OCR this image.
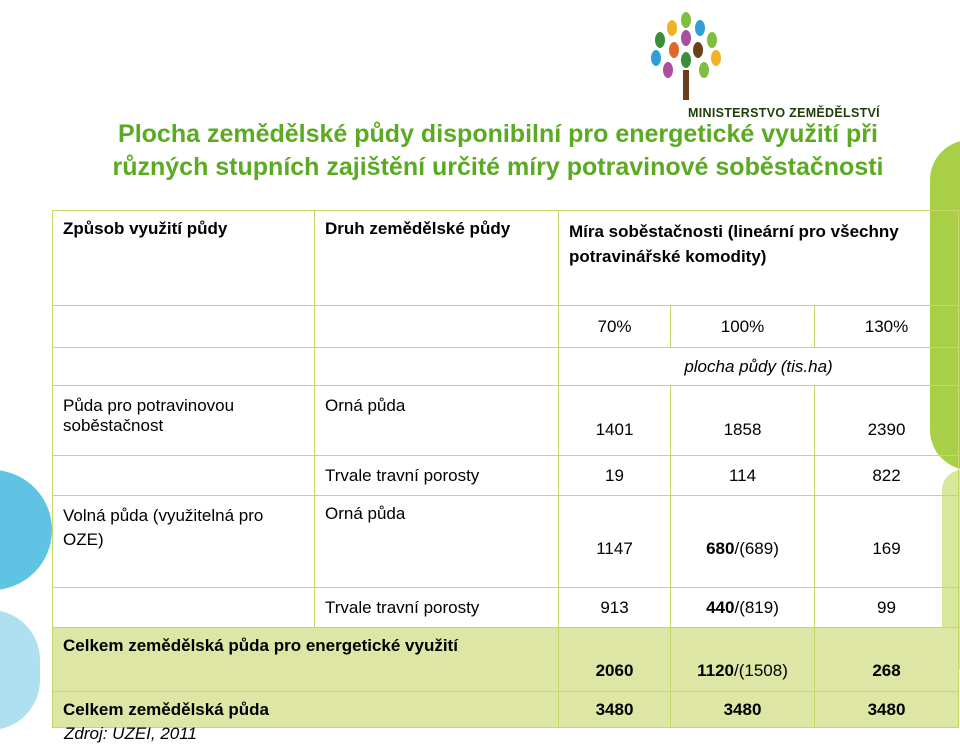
MINISTERSTVO ZEMĚDĚLSTVÍ
Plocha zemědělské půdy disponibilní pro energetické využití při
různých stupních zajištění určité míry potravinové soběstačnosti
Způsob využití půdy	Druh zemědělské půdy	Míra soběstačnosti (lineární pro všechny potravinářské komodity)		
		70%	100%	130%
		plocha půdy (tis.ha)		
Půda pro potravinovou soběstačnost	Orná půda	1401	1858	2390
	Trvale travní porosty	19	114	822
Volná půda (využitelná pro OZE)	Orná půda	1147	680/(689)	169
	Trvale travní porosty	913	440/(819)	99
Celkem zemědělská půda pro energetické využití		2060	1120/(1508)	268
Celkem zemědělská půda		3480	3480	3480
Zdroj: UZEI, 2011
